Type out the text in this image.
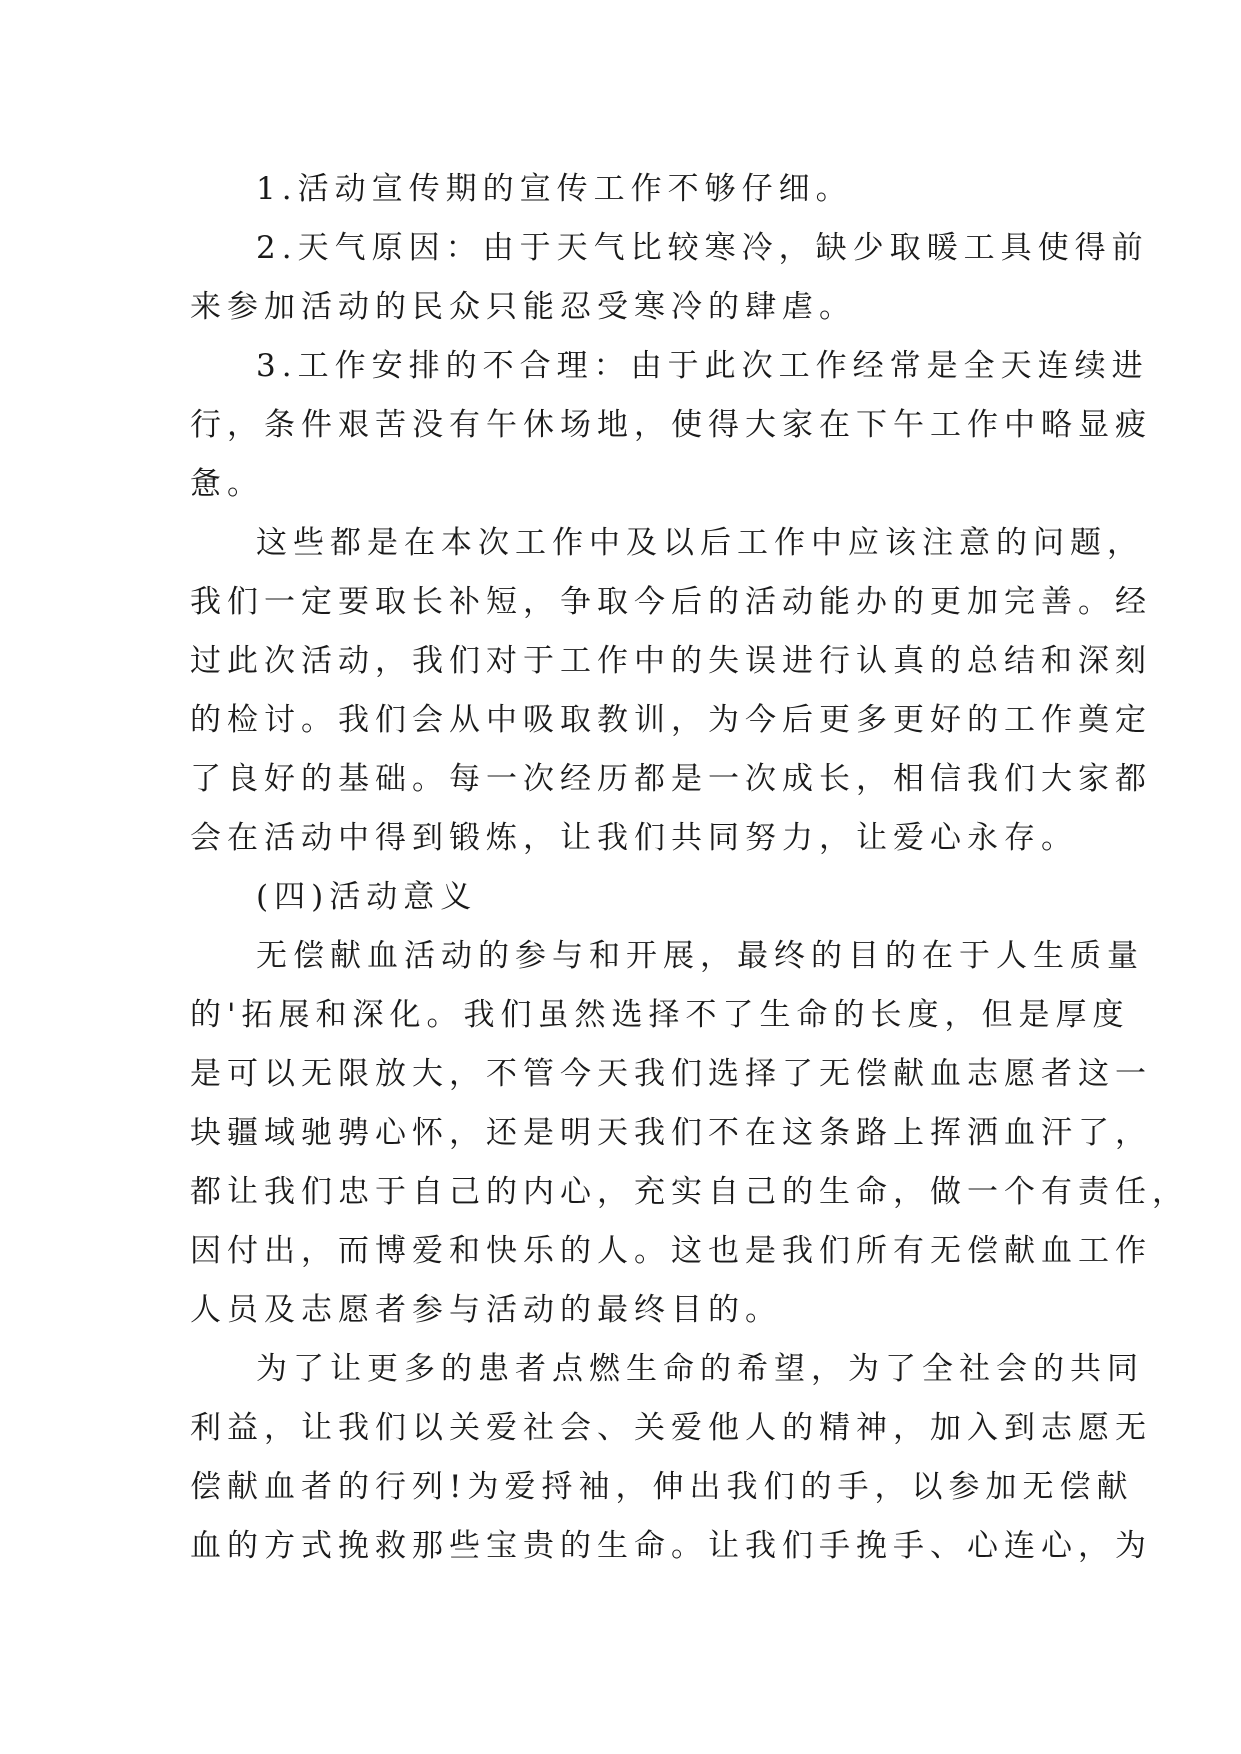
1.活动宣传期的宣传工作不够仔细。
2.天气原因：由于天气比较寒冷，缺少取暖工具使得前
来参加活动的民众只能忍受寒冷的肆虐。
3.工作安排的不合理：由于此次工作经常是全天连续进
行，条件艰苦没有午休场地，使得大家在下午工作中略显疲
惫。
这些都是在本次工作中及以后工作中应该注意的问题，
我们一定要取长补短，争取今后的活动能办的更加完善。经
过此次活动，我们对于工作中的失误进行认真的总结和深刻
的检讨。我们会从中吸取教训，为今后更多更好的工作奠定
了良好的基础。每一次经历都是一次成长，相信我们大家都
会在活动中得到锻炼，让我们共同努力，让爱心永存。
(四)活动意义
无偿献血活动的参与和开展，最终的目的在于人生质量
的'拓展和深化。我们虽然选择不了生命的长度，但是厚度
是可以无限放大，不管今天我们选择了无偿献血志愿者这一
块疆域驰骋心怀，还是明天我们不在这条路上挥洒血汗了，
都让我们忠于自己的内心，充实自己的生命，做一个有责任，
因付出，而博爱和快乐的人。这也是我们所有无偿献血工作
人员及志愿者参与活动的最终目的。
为了让更多的患者点燃生命的希望，为了全社会的共同
利益，让我们以关爱社会、关爱他人的精神，加入到志愿无
偿献血者的行列!为爱捋袖，伸出我们的手，以参加无偿献
血的方式挽救那些宝贵的生命。让我们手挽手、心连心，为
